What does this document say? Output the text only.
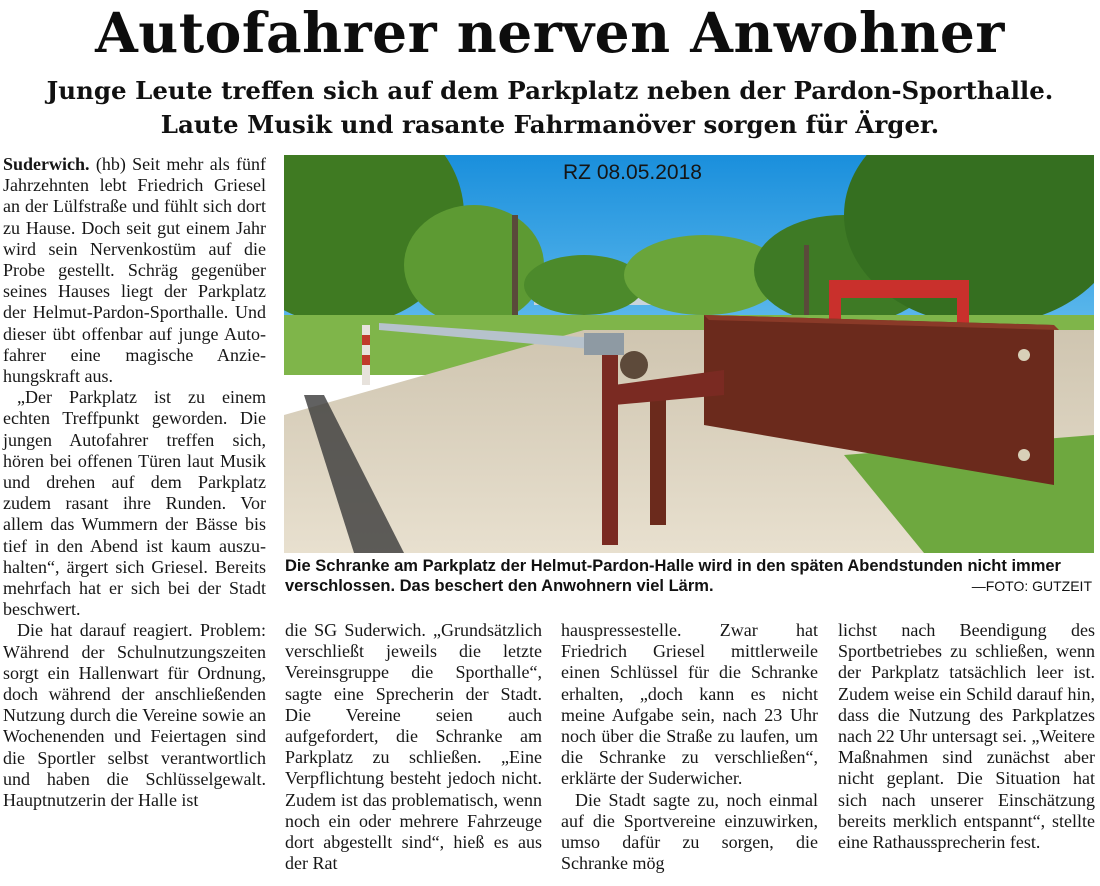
Autofahrer nerven Anwohner
Junge Leute treffen sich auf dem Parkplatz neben der Pardon-Sporthalle.
Laute Musik und rasante Fahrmanöver sorgen für Ärger.

Suderwich. (hb) Seit mehr als fünf Jahrzehnten lebt Friedrich Griesel an der Lülfstraße und fühlt sich dort zu Hause. Doch seit gut einem Jahr wird sein Nervenkostüm auf die Probe gestellt. Schräg gegenüber seines Hauses liegt der Parkplatz der Helmut-Pardon-Sporthalle. Und dieser übt offenbar auf junge Autofahrer eine magische Anziehungskraft aus.

„Der Parkplatz ist zu einem echten Treffpunkt geworden. Die jungen Autofahrer treffen sich, hören bei offenen Türen laut Musik und drehen auf dem Parkplatz zudem rasant ihre Runden. Vor allem das Wummern der Bässe bis tief in den Abend ist kaum auszuhalten“, ärgert sich Griesel. Bereits mehrfach hat er sich bei der Stadt beschwert.

Die hat darauf reagiert. Problem: Während der Schulnutzungszeiten sorgt ein Hallenwart für Ordnung, doch während der anschließenden Nutzung durch die Vereine sowie an Wochenenden und Feiertagen sind die Sportler selbst verantwortlich und haben die Schlüsselgewalt. Hauptnutzerin der Halle ist

RZ 08.05.2018
Die Schranke am Parkplatz der Helmut-Pardon-Halle wird in den späten Abendstunden nicht immer verschlossen. Das beschert den Anwohnern viel Lärm.	—FOTO: GUTZEIT

die SG Suderwich. „Grundsätzlich verschließt jeweils die letzte Vereinsgruppe die Sporthalle“, sagte eine Sprecherin der Stadt. Die Vereine seien auch aufgefordert, die Schranke am Parkplatz zu schließen. „Eine Verpflichtung besteht jedoch nicht. Zudem ist das problematisch, wenn noch ein oder mehrere Fahrzeuge dort abgestellt sind“, hieß es aus der Rat

hauspressestelle. Zwar hat Friedrich Griesel mittlerweile einen Schlüssel für die Schranke erhalten, „doch kann es nicht meine Aufgabe sein, nach 23 Uhr noch über die Straße zu laufen, um die Schranke zu verschließen“, erklärte der Suderwicher.

Die Stadt sagte zu, noch einmal auf die Sportvereine einzuwirken, umso dafür zu sorgen, die Schranke mög

lichst nach Beendigung des Sportbetriebes zu schließen, wenn der Parkplatz tatsächlich leer ist. Zudem weise ein Schild darauf hin, dass die Nutzung des Parkplatzes nach 22 Uhr untersagt sei. „Weitere Maßnahmen sind zunächst aber nicht geplant. Die Situation hat sich nach unserer Einschätzung bereits merklich entspannt“, stellte eine Rathaussprecherin fest.
